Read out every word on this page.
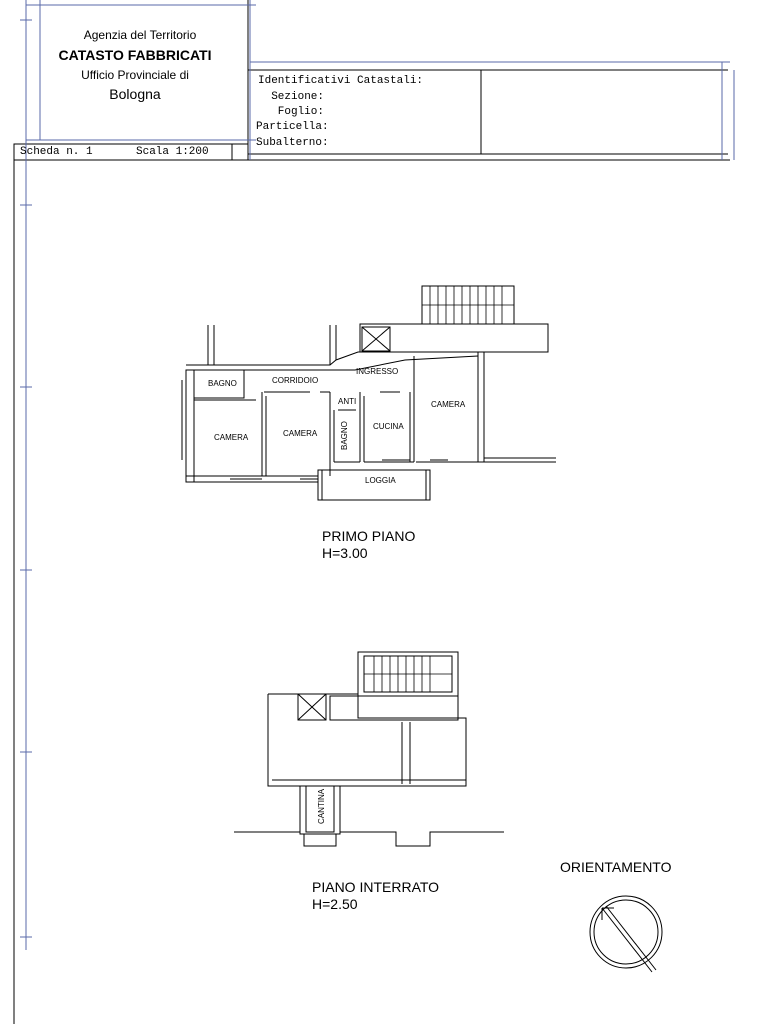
Agenzia del Territorio
CATASTO FABBRICATI
Ufficio Provinciale di
Bologna
Identificativi Catastali:
Sezione:
Foglio:
Particella:
Subalterno:
Scheda n. 1	Scala 1:200
BAGNO	CORRIDOIO
INGRESSO
CAMERA
ANTI
CAMERA	CAMERA	BAGNO	CUCINA
LOGGIA
PRIMO PIANO
H=3.00
CANTINA
PIANO INTERRATO
H=2.50
ORIENTAMENTO
